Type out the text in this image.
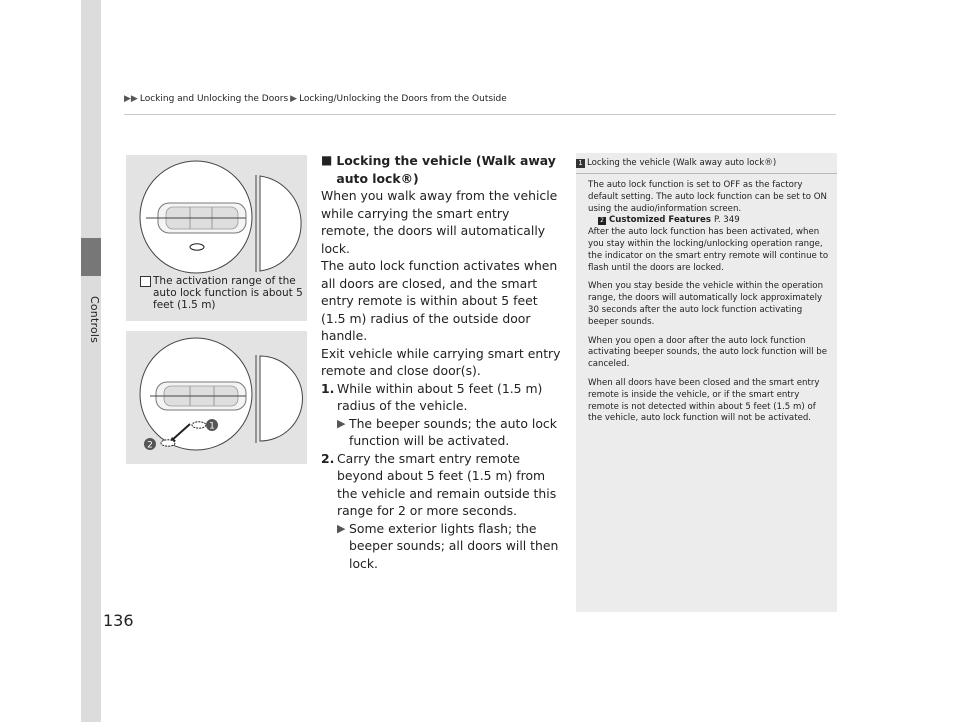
Controls
136
▶▶ Locking and Unlocking the Doors ▶ Locking/Unlocking the Doors from the Outside
The activation range of the auto lock function is about 5 feet (1.5 m)
1
2
■ Locking the vehicle (Walk away auto lock®)

When you walk away from the vehicle while carrying the smart entry remote, the doors will automatically lock.

The auto lock function activates when all doors are closed, and the smart entry remote is within about 5 feet (1.5 m) radius of the outside door handle.

Exit vehicle while carrying smart entry remote and close door(s).

1. While within about 5 feet (1.5 m) radius of the vehicle.
▶ The beeper sounds; the auto lock function will be activated.
2. Carry the smart entry remote beyond about 5 feet (1.5 m) from the vehicle and remain outside this range for 2 or more seconds.
▶ Some exterior lights flash; the beeper sounds; all doors will then lock.
1 Locking the vehicle (Walk away auto lock®)

The auto lock function is set to OFF as the factory default setting. The auto lock function can be set to ON using the audio/information screen.
2 Customized Features P. 349
After the auto lock function has been activated, when you stay within the locking/unlocking operation range, the indicator on the smart entry remote will continue to flash until the doors are locked.

When you stay beside the vehicle within the operation range, the doors will automatically lock approximately 30 seconds after the auto lock function activating beeper sounds.

When you open a door after the auto lock function activating beeper sounds, the auto lock function will be canceled.

When all doors have been closed and the smart entry remote is inside the vehicle, or if the smart entry remote is not detected within about 5 feet (1.5 m) of the vehicle, auto lock function will not be activated.
